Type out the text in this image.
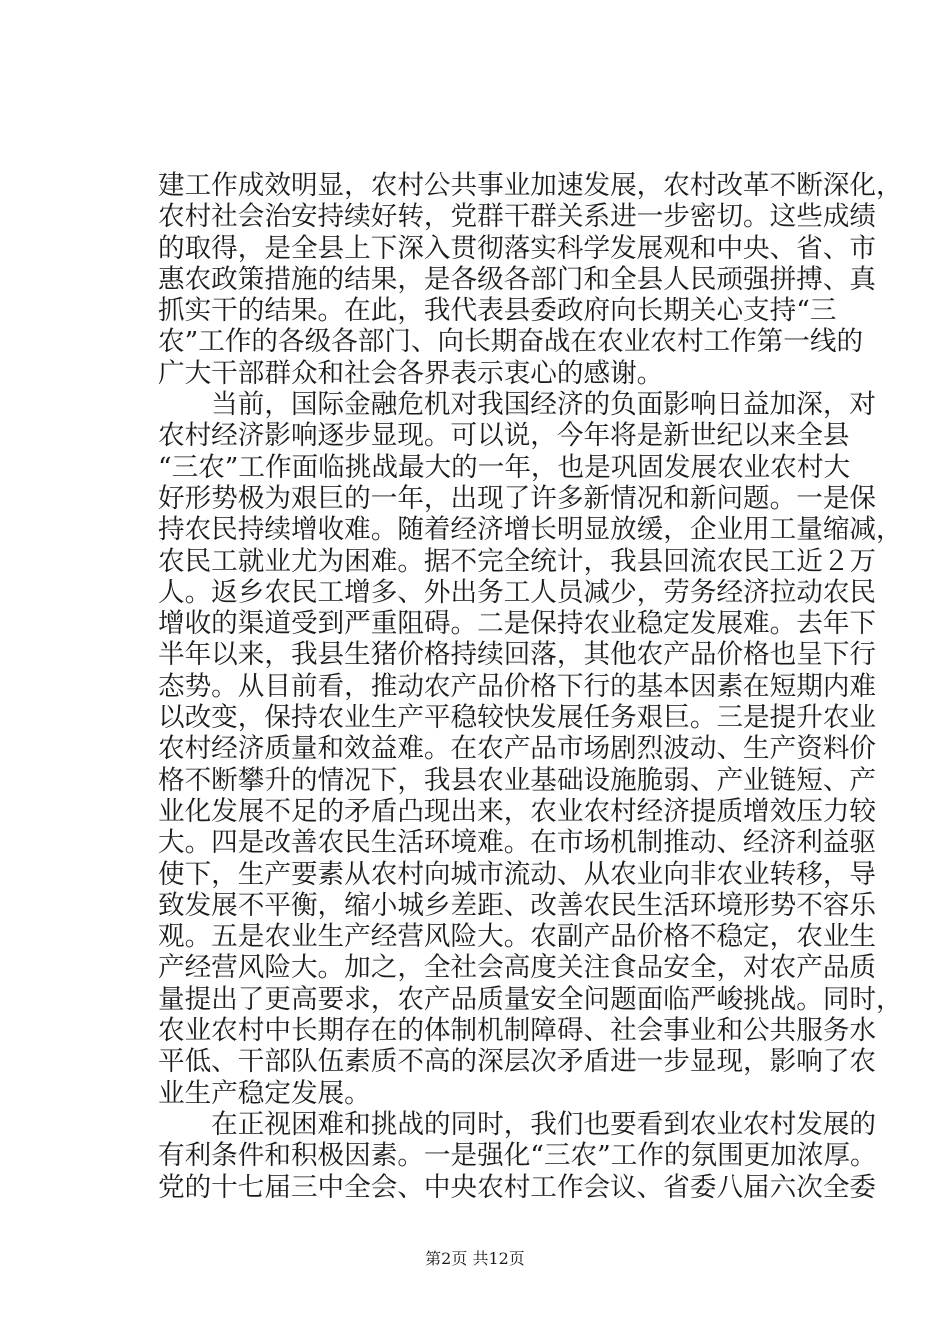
建工作成效明显，农村公共事业加速发展，农村改革不断深化，
农村社会治安持续好转，党群干群关系进一步密切。这些成绩
的取得，是全县上下深入贯彻落实科学发展观和中央、省、市
惠农政策措施的结果，是各级各部门和全县人民顽强拼搏、真
抓实干的结果。在此，我代表县委政府向长期关心支持“三
农”工作的各级各部门、向长期奋战在农业农村工作第一线的
广大干部群众和社会各界表示衷心的感谢。
　　当前，国际金融危机对我国经济的负面影响日益加深，对
农村经济影响逐步显现。可以说，今年将是新世纪以来全县
“三农”工作面临挑战最大的一年，也是巩固发展农业农村大
好形势极为艰巨的一年，出现了许多新情况和新问题。一是保
持农民持续增收难。随着经济增长明显放缓，企业用工量缩减，
农民工就业尤为困难。据不完全统计，我县回流农民工近２万
人。返乡农民工增多、外出务工人员减少，劳务经济拉动农民
增收的渠道受到严重阻碍。二是保持农业稳定发展难。去年下
半年以来，我县生猪价格持续回落，其他农产品价格也呈下行
态势。从目前看，推动农产品价格下行的基本因素在短期内难
以改变，保持农业生产平稳较快发展任务艰巨。三是提升农业
农村经济质量和效益难。在农产品市场剧烈波动、生产资料价
格不断攀升的情况下，我县农业基础设施脆弱、产业链短、产
业化发展不足的矛盾凸现出来，农业农村经济提质增效压力较
大。四是改善农民生活环境难。在市场机制推动、经济利益驱
使下，生产要素从农村向城市流动、从农业向非农业转移，导
致发展不平衡，缩小城乡差距、改善农民生活环境形势不容乐
观。五是农业生产经营风险大。农副产品价格不稳定，农业生
产经营风险大。加之，全社会高度关注食品安全，对农产品质
量提出了更高要求，农产品质量安全问题面临严峻挑战。同时，
农业农村中长期存在的体制机制障碍、社会事业和公共服务水
平低、干部队伍素质不高的深层次矛盾进一步显现，影响了农
业生产稳定发展。
　　在正视困难和挑战的同时，我们也要看到农业农村发展的
有利条件和积极因素。一是强化“三农”工作的氛围更加浓厚。
党的十七届三中全会、中央农村工作会议、省委八届六次全委
第2页 共12页
